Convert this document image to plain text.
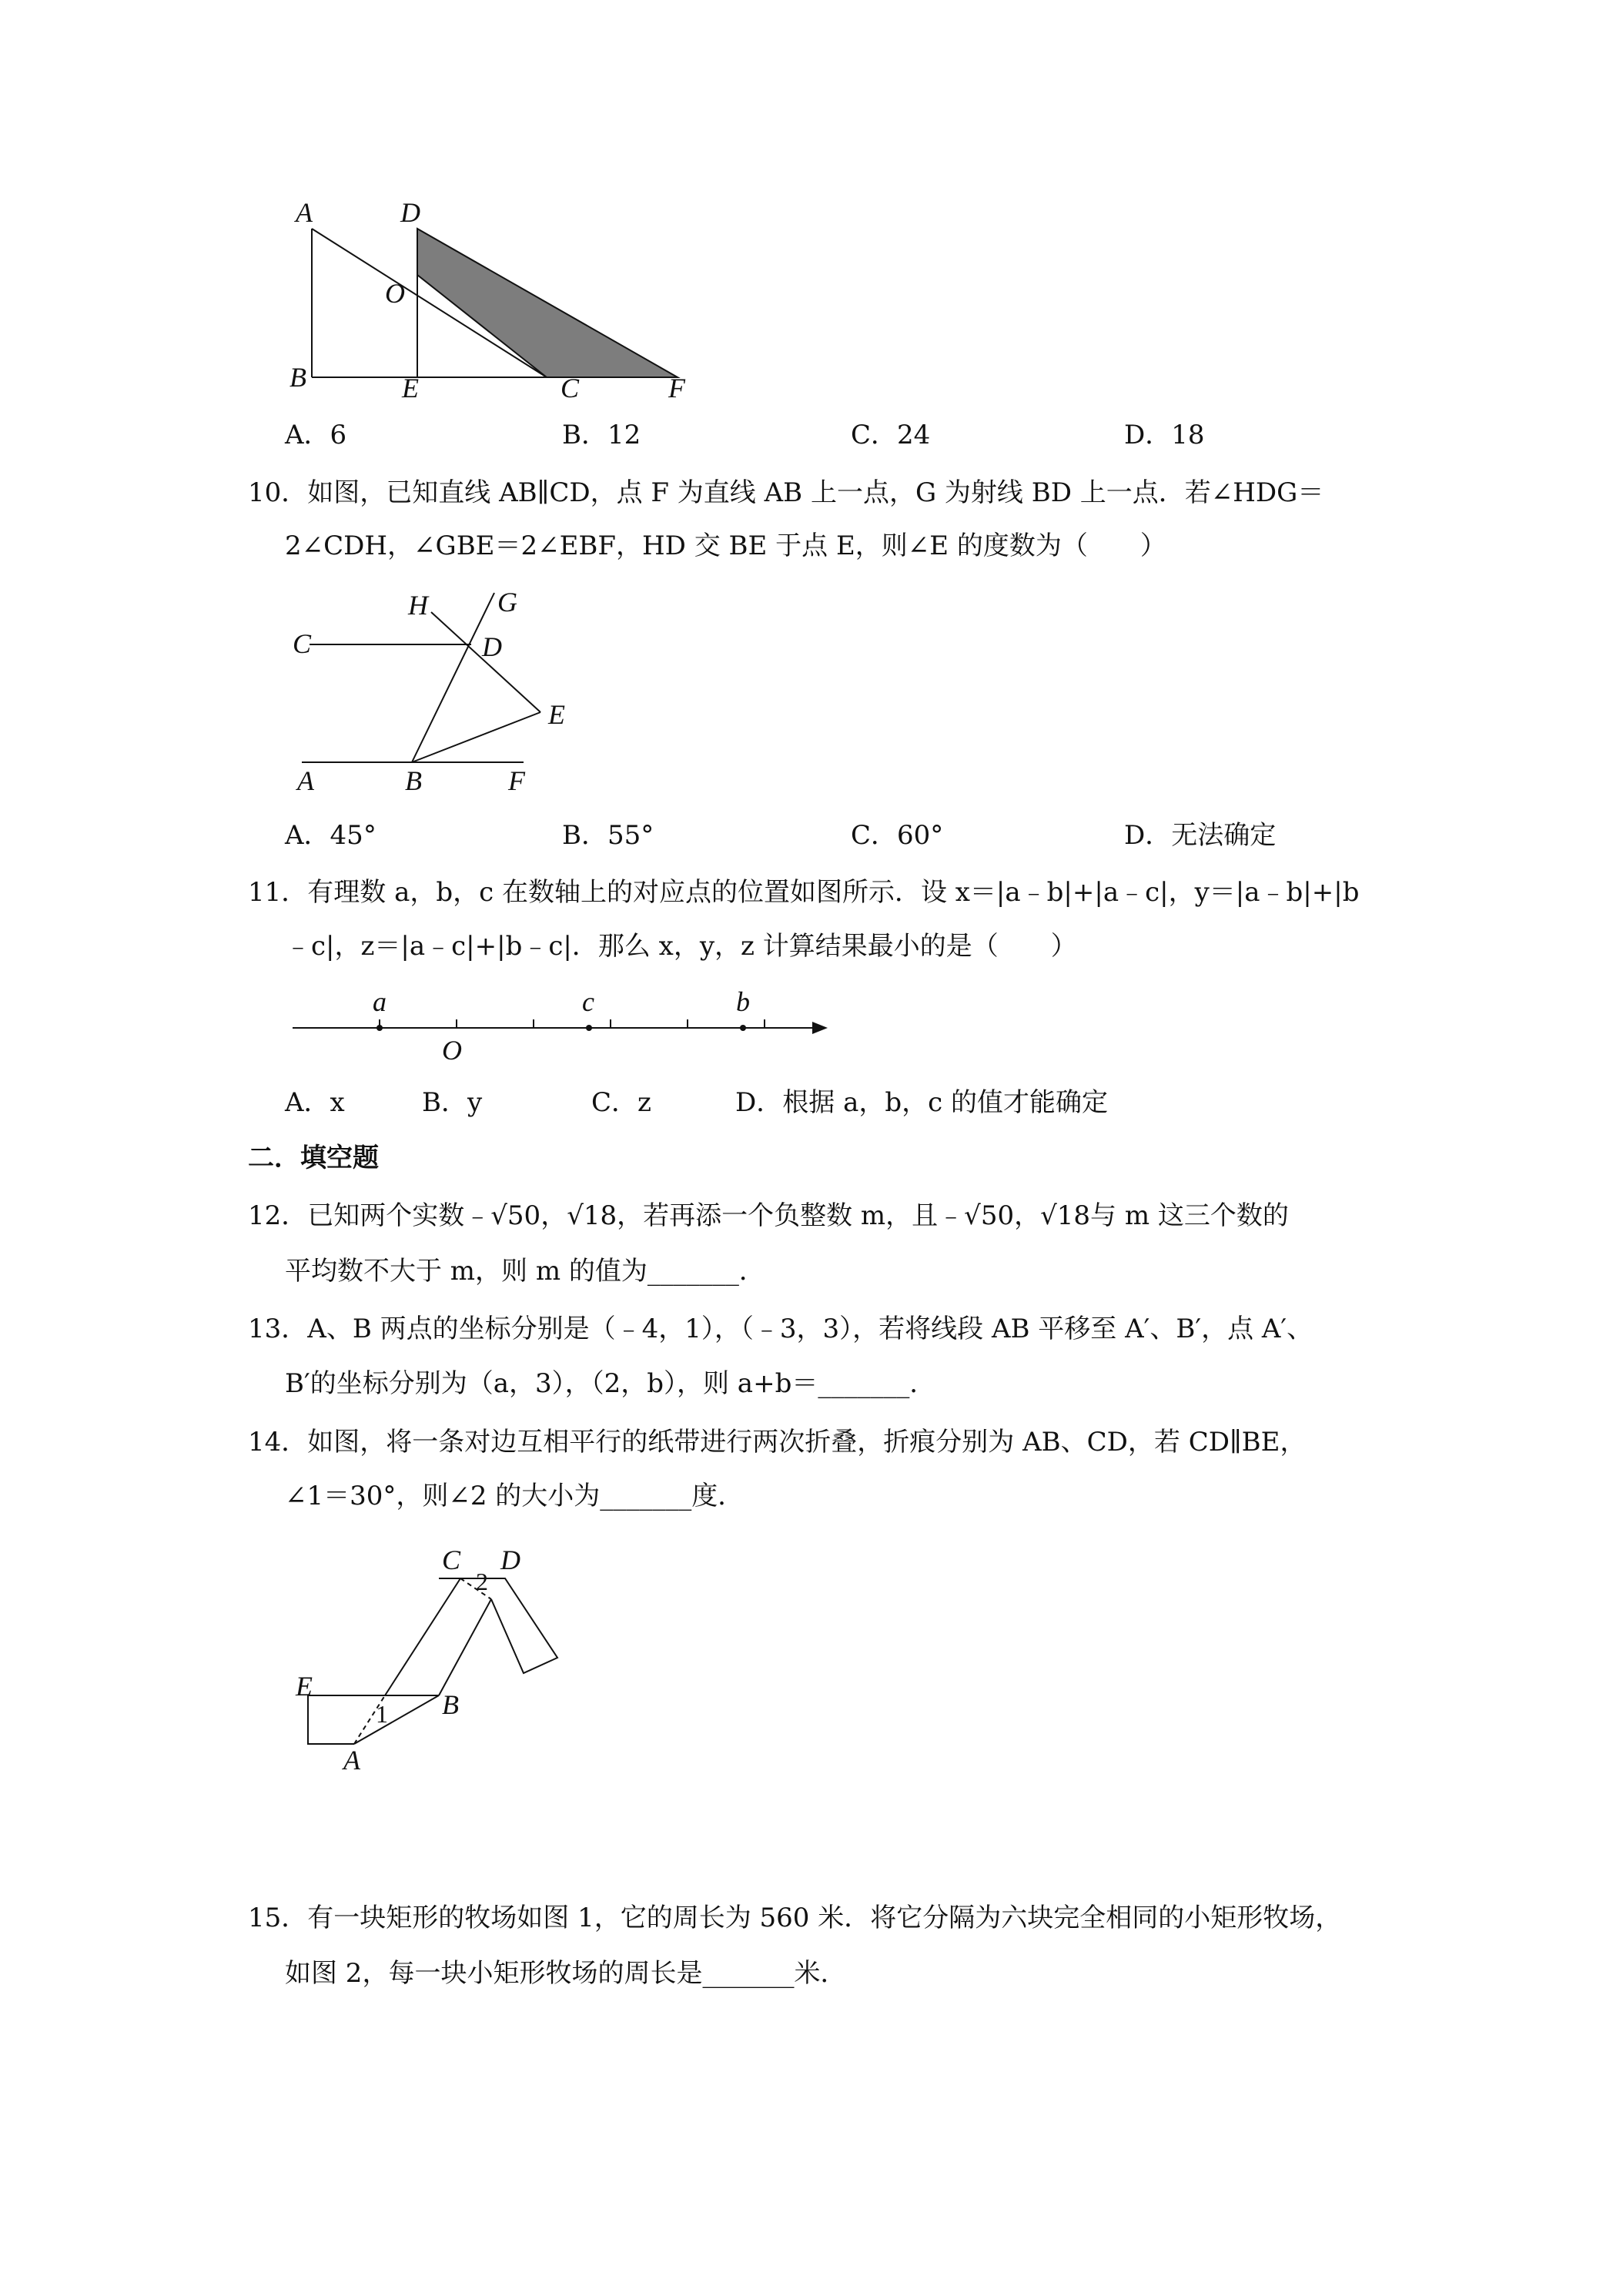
A	D
O
B	E	C	F
A．6	B．12	C．24	D．18
10．如图，已知直线 AB∥CD，点 F 为直线 AB 上一点，G 为射线 BD 上一点．若∠HDG＝
2∠CDH，∠GBE＝2∠EBF，HD 交 BE 于点 E，则∠E 的度数为（　　）
H	G
C	D
E
A	B	F
A．45°	B．55°	C．60°	D．无法确定
11．有理数 a，b，c 在数轴上的对应点的位置如图所示．设 x＝|a﹣b|+|a﹣c|，y＝|a﹣b|+|b
﹣c|，z＝|a﹣c|+|b﹣c|．那么 x，y，z 计算结果最小的是（　　）
a	c	b
O
A．x	B．y	C．z	D．根据 a，b，c 的值才能确定
二．填空题
12．已知两个实数﹣√50，√18，若再添一个负整数 m，且﹣√50，√18与 m 这三个数的
平均数不大于 m，则 m 的值为_______．
13．A、B 两点的坐标分别是（﹣4，1），（﹣3，3），若将线段 AB 平移至 A′、B′，点 A′、
B′的坐标分别为（a，3），（2，b），则 a+b＝_______．
14．如图，将一条对边互相平行的纸带进行两次折叠，折痕分别为 AB、CD，若 CD∥BE，
∠1＝30°，则∠2 的大小为_______度．
C D
2
E
1 B
A
15．有一块矩形的牧场如图 1，它的周长为 560 米．将它分隔为六块完全相同的小矩形牧场，
如图 2，每一块小矩形牧场的周长是_______米．
